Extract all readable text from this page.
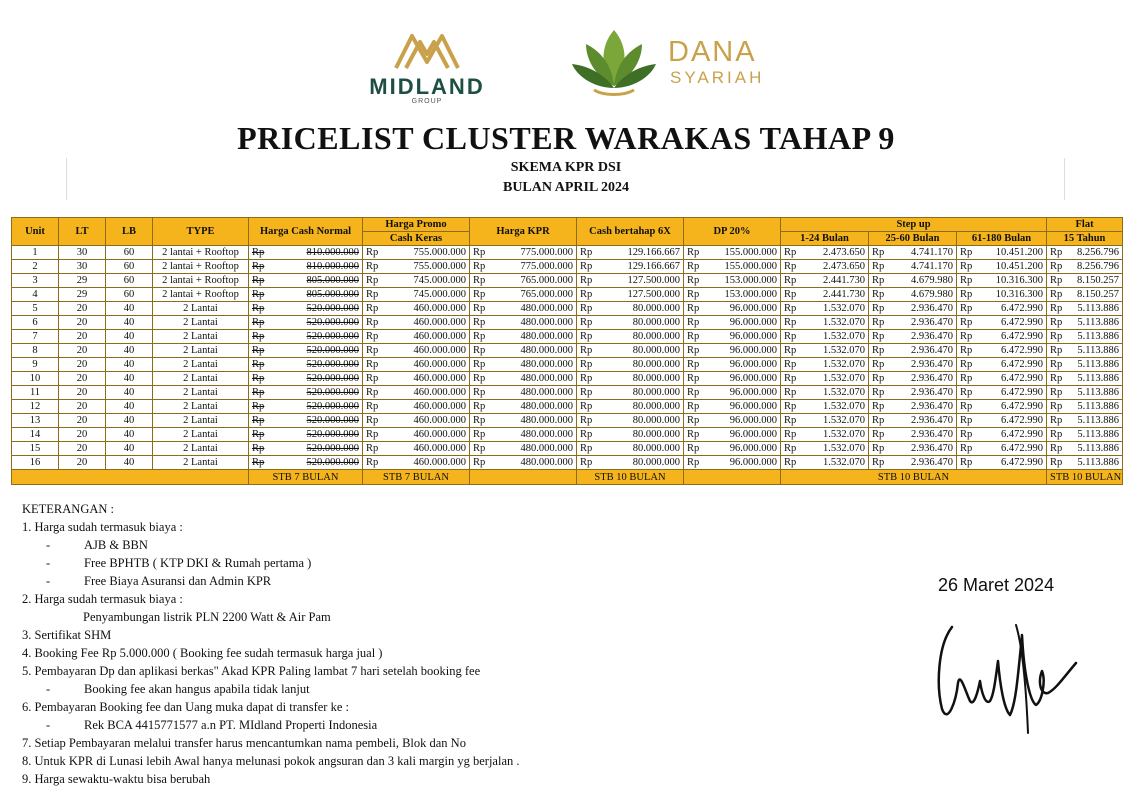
MIDLAND
GROUP
DANA
SYARIAH
PRICELIST CLUSTER WARAKAS TAHAP 9
SKEMA KPR DSI
BULAN APRIL 2024
Unit	LT	LB	TYPE	Harga Cash Normal	Harga Promo	Harga KPR	Cash bertahap 6X	DP 20%	Step up			Flat
					Cash Keras				1-24 Bulan	25-60 Bulan	61-180 Bulan	15 Tahun
1	30	60	2 lantai + Rooftop	Rp 810.000.000	Rp 755.000.000	Rp 775.000.000	Rp 129.166.667	Rp 155.000.000	Rp 2.473.650	Rp 4.741.170	Rp 10.451.200	Rp 8.256.796

2	30	60	2 lantai + Rooftop	Rp 810.000.000	Rp 755.000.000	Rp 775.000.000	Rp 129.166.667	Rp 155.000.000	Rp 2.473.650	Rp 4.741.170	Rp 10.451.200	Rp 8.256.796

3	29	60	2 lantai + Rooftop	Rp 805.000.000	Rp 745.000.000	Rp 765.000.000	Rp 127.500.000	Rp 153.000.000	Rp 2.441.730	Rp 4.679.980	Rp 10.316.300	Rp 8.150.257

4	29	60	2 lantai + Rooftop	Rp 805.000.000	Rp 745.000.000	Rp 765.000.000	Rp 127.500.000	Rp 153.000.000	Rp 2.441.730	Rp 4.679.980	Rp 10.316.300	Rp 8.150.257

5	20	40	2 Lantai	Rp 520.000.000	Rp 460.000.000	Rp 480.000.000	Rp 80.000.000	Rp 96.000.000	Rp 1.532.070	Rp 2.936.470	Rp 6.472.990	Rp 5.113.886

6	20	40	2 Lantai	Rp 520.000.000	Rp 460.000.000	Rp 480.000.000	Rp 80.000.000	Rp 96.000.000	Rp 1.532.070	Rp 2.936.470	Rp 6.472.990	Rp 5.113.886

7	20	40	2 Lantai	Rp 520.000.000	Rp 460.000.000	Rp 480.000.000	Rp 80.000.000	Rp 96.000.000	Rp 1.532.070	Rp 2.936.470	Rp 6.472.990	Rp 5.113.886

8	20	40	2 Lantai	Rp 520.000.000	Rp 460.000.000	Rp 480.000.000	Rp 80.000.000	Rp 96.000.000	Rp 1.532.070	Rp 2.936.470	Rp 6.472.990	Rp 5.113.886

9	20	40	2 Lantai	Rp 520.000.000	Rp 460.000.000	Rp 480.000.000	Rp 80.000.000	Rp 96.000.000	Rp 1.532.070	Rp 2.936.470	Rp 6.472.990	Rp 5.113.886

10	20	40	2 Lantai	Rp 520.000.000	Rp 460.000.000	Rp 480.000.000	Rp 80.000.000	Rp 96.000.000	Rp 1.532.070	Rp 2.936.470	Rp 6.472.990	Rp 5.113.886

11	20	40	2 Lantai	Rp 520.000.000	Rp 460.000.000	Rp 480.000.000	Rp 80.000.000	Rp 96.000.000	Rp 1.532.070	Rp 2.936.470	Rp 6.472.990	Rp 5.113.886

12	20	40	2 Lantai	Rp 520.000.000	Rp 460.000.000	Rp 480.000.000	Rp 80.000.000	Rp 96.000.000	Rp 1.532.070	Rp 2.936.470	Rp 6.472.990	Rp 5.113.886

13	20	40	2 Lantai	Rp 520.000.000	Rp 460.000.000	Rp 480.000.000	Rp 80.000.000	Rp 96.000.000	Rp 1.532.070	Rp 2.936.470	Rp 6.472.990	Rp 5.113.886

14	20	40	2 Lantai	Rp 520.000.000	Rp 460.000.000	Rp 480.000.000	Rp 80.000.000	Rp 96.000.000	Rp 1.532.070	Rp 2.936.470	Rp 6.472.990	Rp 5.113.886

15	20	40	2 Lantai	Rp 520.000.000	Rp 460.000.000	Rp 480.000.000	Rp 80.000.000	Rp 96.000.000	Rp 1.532.070	Rp 2.936.470	Rp 6.472.990	Rp 5.113.886

16	20	40	2 Lantai	Rp 520.000.000	Rp 460.000.000	Rp 480.000.000	Rp 80.000.000	Rp 96.000.000	Rp 1.532.070	Rp 2.936.470	Rp 6.472.990	Rp 5.113.886

				STB 7 BULAN	STB 7 BULAN		STB 10 BULAN		STB 10 BULAN			STB 10 BULAN
KETERANGAN :
1. Harga sudah termasuk biaya :
-	AJB & BBN
-	Free BPHTB ( KTP DKI & Rumah pertama )
-	Free Biaya Asuransi dan Admin KPR
2. Harga sudah termasuk biaya :
Penyambungan listrik PLN 2200 Watt & Air Pam
3. Sertifikat SHM
4. Booking Fee Rp 5.000.000 ( Booking fee sudah termasuk harga jual )
5. Pembayaran Dp dan aplikasi berkas" Akad KPR Paling lambat 7 hari setelah booking fee
-	Booking fee akan hangus apabila tidak lanjut
6. Pembayaran Booking fee dan Uang muka dapat di transfer ke :
-	Rek BCA 4415771577 a.n PT. MIdland Properti Indonesia
7. Setiap Pembayaran melalui transfer harus mencantumkan nama pembeli, Blok dan No
8. Untuk KPR di Lunasi lebih Awal hanya melunasi pokok angsuran dan 3 kali margin yg berjalan .
9. Harga sewaktu-waktu bisa berubah
26 Maret 2024
